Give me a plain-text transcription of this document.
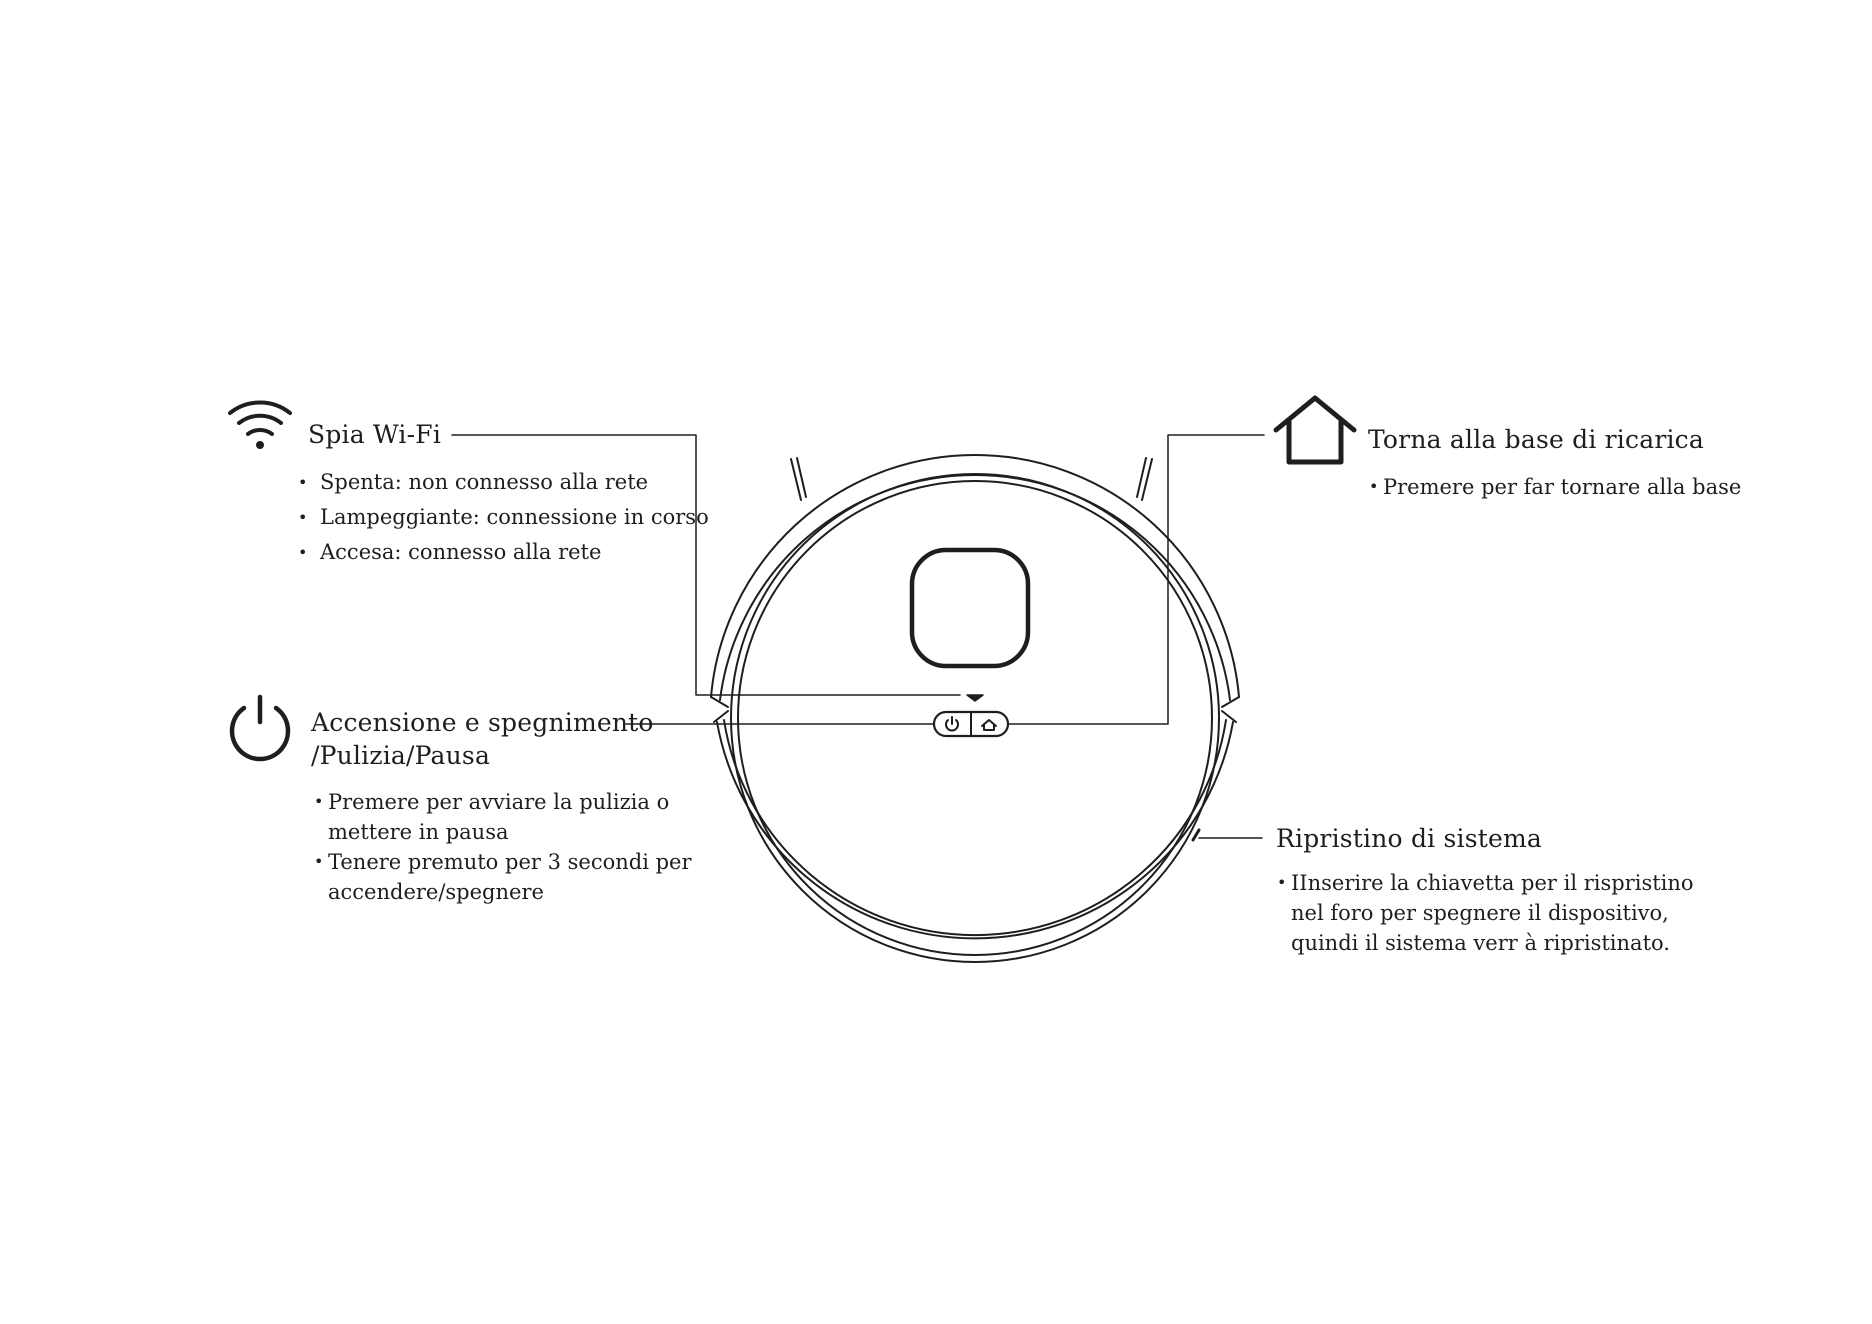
Spia Wi-Fi
• Spenta: non connesso alla rete
• Lampeggiante: connessione in corso
• Accesa: connesso alla rete
Accensione e spegnimento
/Pulizia/Pausa
• Premere per avviare la pulizia o
mettere in pausa
• Tenere premuto per 3 secondi per
accendere/spegnere
Torna alla base di ricarica
• Premere per far tornare alla base
Ripristino di sistema
• IInserire la chiavetta per il rispristino
nel foro per spegnere il dispositivo,
quindi il sistema verr à ripristinato.
